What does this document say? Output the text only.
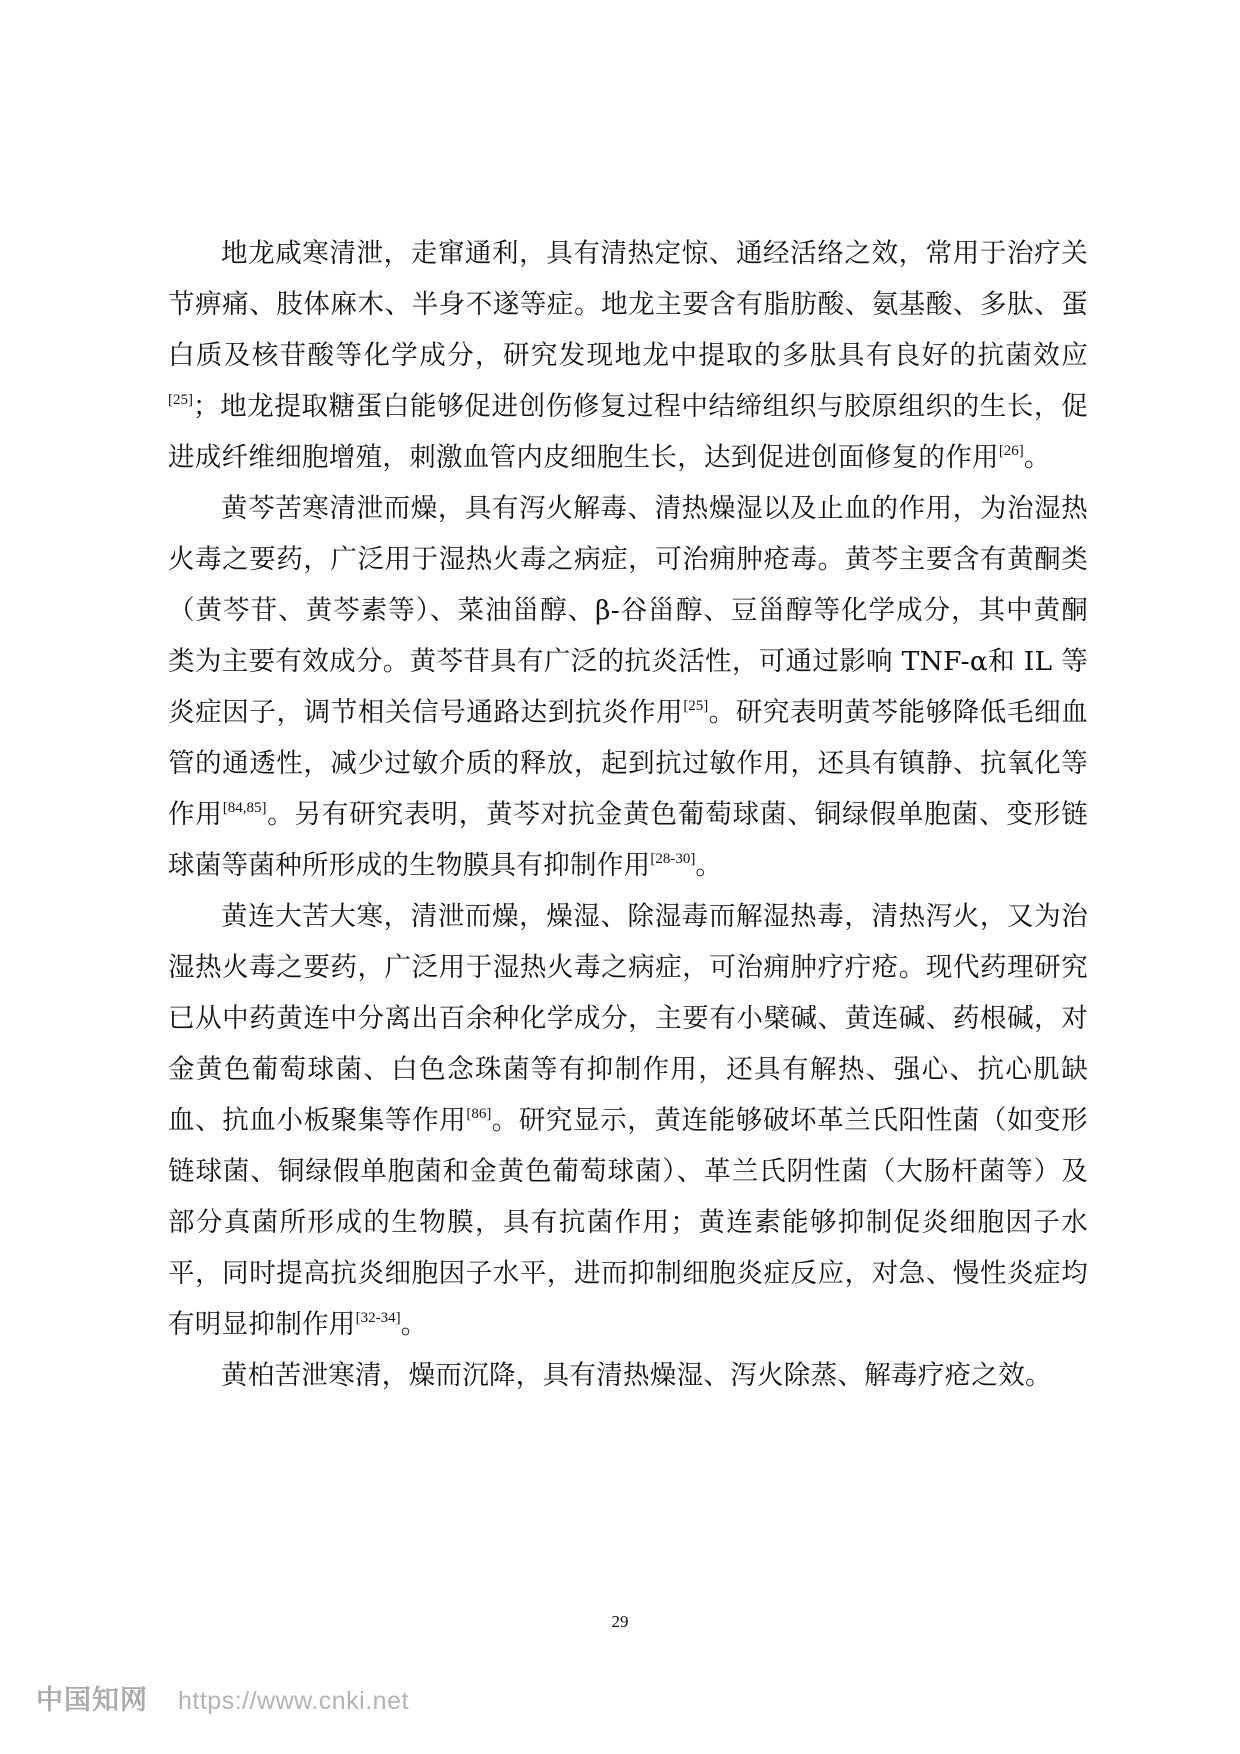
地龙咸寒清泄，走窜通利，具有清热定惊、通经活络之效，常用于治疗关节痹痛、肢体麻木、半身不遂等症。地龙主要含有脂肪酸、氨基酸、多肽、蛋白质及核苷酸等化学成分，研究发现地龙中提取的多肽具有良好的抗菌效应[25]；地龙提取糖蛋白能够促进创伤修复过程中结缔组织与胶原组织的生长，促进成纤维细胞增殖，刺激血管内皮细胞生长，达到促进创面修复的作用[26]。

黄芩苦寒清泄而燥，具有泻火解毒、清热燥湿以及止血的作用，为治湿热火毒之要药，广泛用于湿热火毒之病症，可治痈肿疮毒。黄芩主要含有黄酮类（黄芩苷、黄芩素等）、菜油甾醇、β-谷甾醇、豆甾醇等化学成分，其中黄酮类为主要有效成分。黄芩苷具有广泛的抗炎活性，可通过影响 TNF-α和 IL 等炎症因子，调节相关信号通路达到抗炎作用[25]。研究表明黄芩能够降低毛细血管的通透性，减少过敏介质的释放，起到抗过敏作用，还具有镇静、抗氧化等作用[84,85]。另有研究表明，黄芩对抗金黄色葡萄球菌、铜绿假单胞菌、变形链球菌等菌种所形成的生物膜具有抑制作用[28-30]。

黄连大苦大寒，清泄而燥，燥湿、除湿毒而解湿热毒，清热泻火，又为治湿热火毒之要药，广泛用于湿热火毒之病症，可治痈肿疗疔疮。现代药理研究已从中药黄连中分离出百余种化学成分，主要有小檗碱、黄连碱、药根碱，对金黄色葡萄球菌、白色念珠菌等有抑制作用，还具有解热、强心、抗心肌缺血、抗血小板聚集等作用[86]。研究显示，黄连能够破坏革兰氏阳性菌（如变形链球菌、铜绿假单胞菌和金黄色葡萄球菌）、革兰氏阴性菌（大肠杆菌等）及部分真菌所形成的生物膜，具有抗菌作用；黄连素能够抑制促炎细胞因子水平，同时提高抗炎细胞因子水平，进而抑制细胞炎症反应，对急、慢性炎症均有明显抑制作用[32-34]。

黄柏苦泄寒清，燥而沉降，具有清热燥湿、泻火除蒸、解毒疗疮之效。

29
中国知网 https://www.cnki.net
